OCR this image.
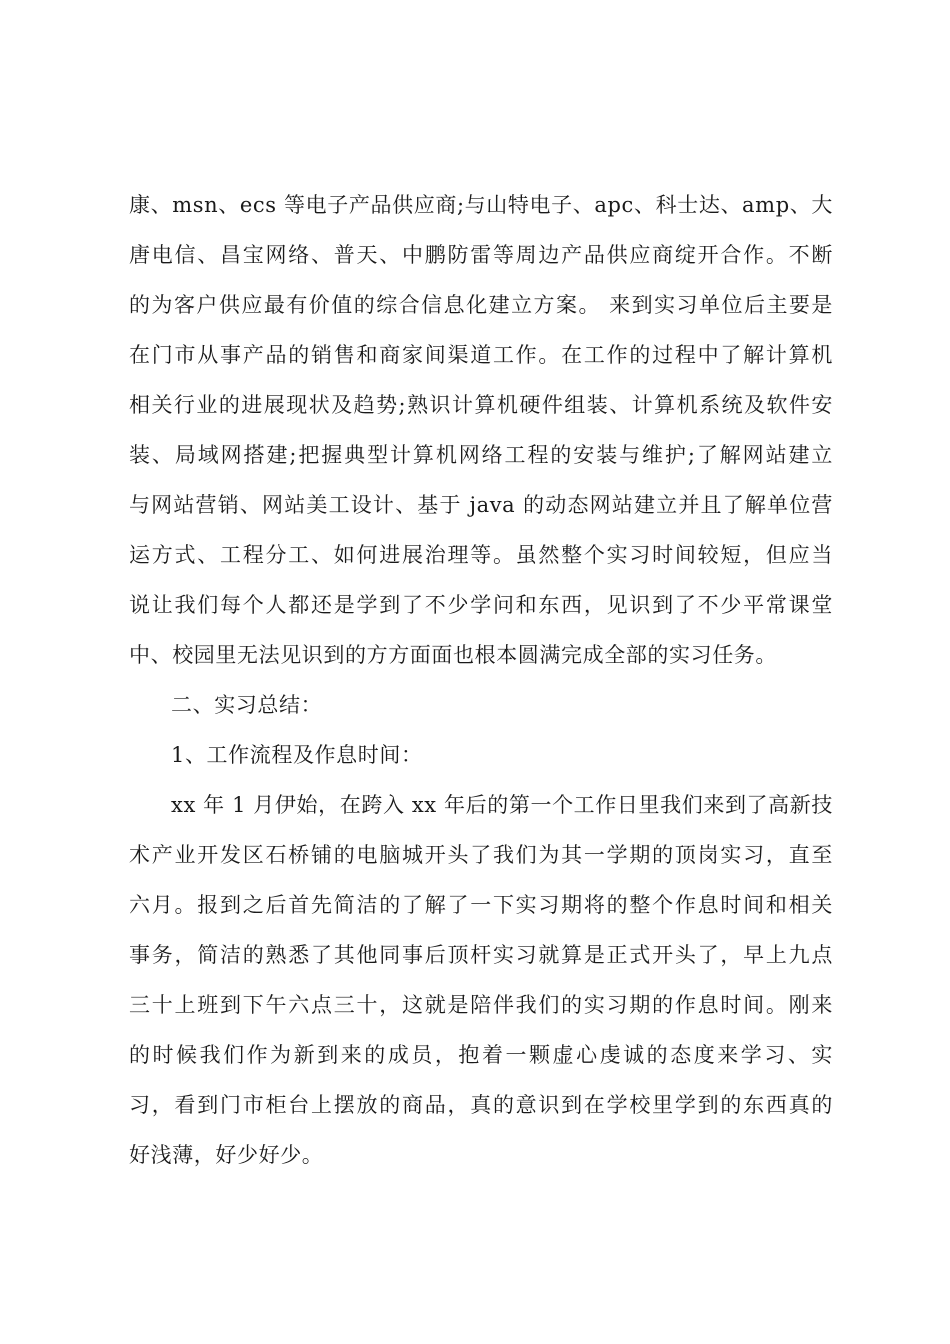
康、msn、ecs 等电子产品供应商;与山特电子、apc、科士达、amp、大
唐电信、昌宝网络、普天、中鹏防雷等周边产品供应商绽开合作。不断
的为客户供应最有价值的综合信息化建立方案。 来到实习单位后主要是
在门市从事产品的销售和商家间渠道工作。在工作的过程中了解计算机
相关行业的进展现状及趋势;熟识计算机硬件组装、计算机系统及软件安
装、局域网搭建;把握典型计算机网络工程的安装与维护;了解网站建立
与网站营销、网站美工设计、基于 java 的动态网站建立并且了解单位营
运方式、工程分工、如何进展治理等。虽然整个实习时间较短，但应当
说让我们每个人都还是学到了不少学问和东西，见识到了不少平常课堂
中、校园里无法见识到的方方面面也根本圆满完成全部的实习任务。
二、实习总结：
1、工作流程及作息时间：
xx 年 1 月伊始，在跨入 xx 年后的第一个工作日里我们来到了高新技
术产业开发区石桥铺的电脑城开头了我们为其一学期的顶岗实习，直至
六月。报到之后首先简洁的了解了一下实习期将的整个作息时间和相关
事务，简洁的熟悉了其他同事后顶杆实习就算是正式开头了，早上九点
三十上班到下午六点三十，这就是陪伴我们的实习期的作息时间。刚来
的时候我们作为新到来的成员，抱着一颗虚心虔诚的态度来学习、实
习，看到门市柜台上摆放的商品，真的意识到在学校里学到的东西真的
好浅薄，好少好少。
